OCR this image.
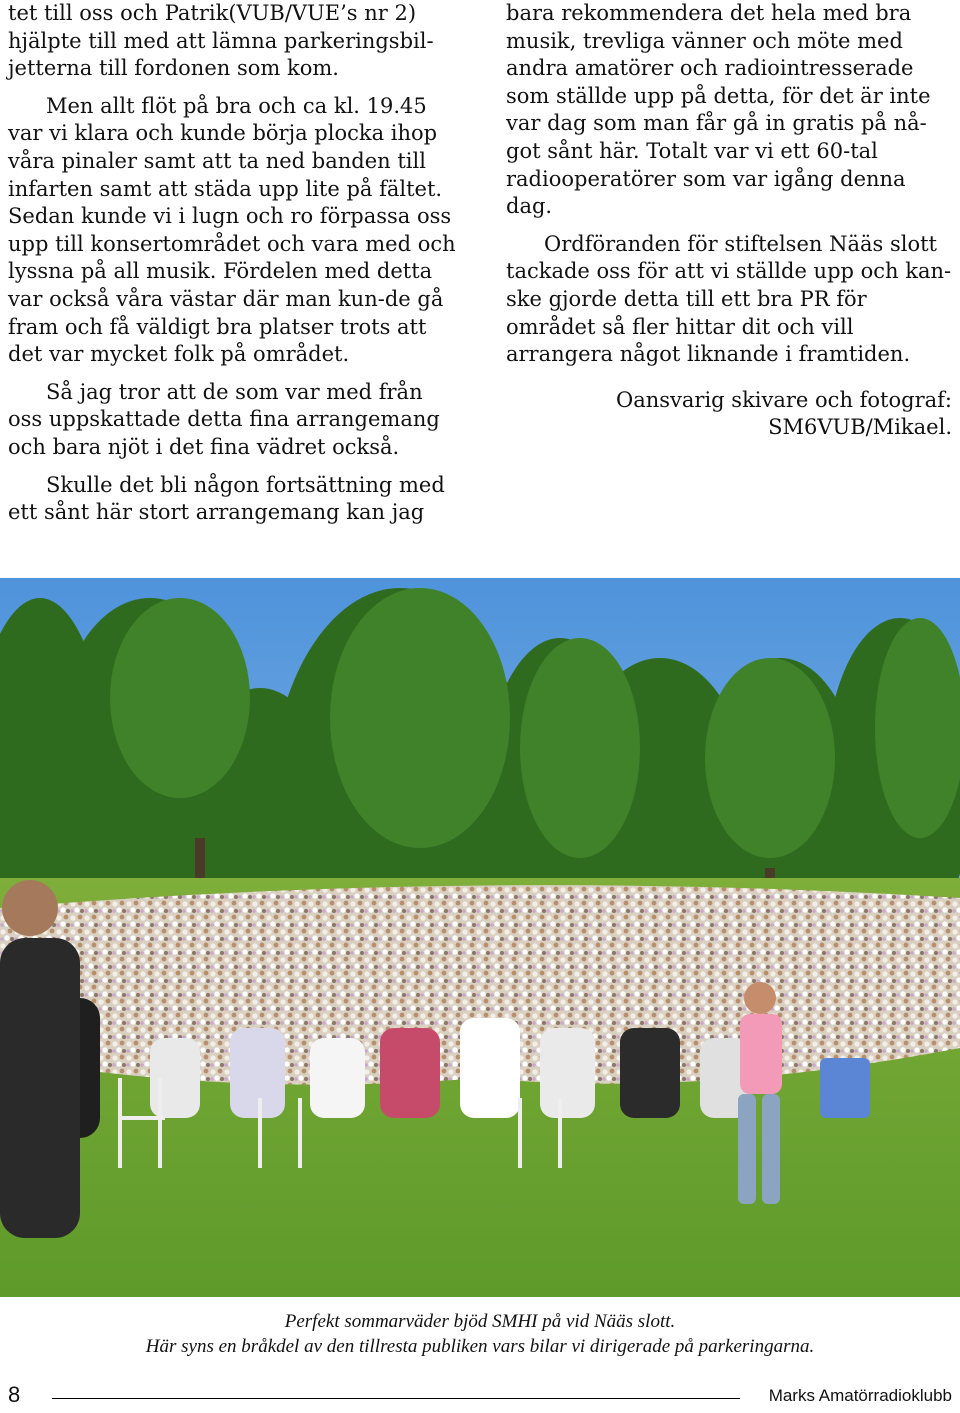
tet till oss och Patrik(VUB/VUE’s nr 2) hjälpte till med att lämna parkeringsbil-jetterna till fordonen som kom.

Men allt flöt på bra och ca kl. 19.45 var vi klara och kunde börja plocka ihop våra pinaler samt att ta ned banden till infarten samt att städa upp lite på fältet. Sedan kunde vi i lugn och ro förpassa oss upp till konsertområdet och vara med och lyssna på all musik. Fördelen med detta var också våra västar där man kun-de gå fram och få väldigt bra platser trots att det var mycket folk på området.

Så jag tror att de som var med från oss uppskattade detta fina arrangemang och bara njöt i det fina vädret också.

Skulle det bli någon fortsättning med ett sånt här stort arrangemang kan jag

bara rekommendera det hela med bra musik, trevliga vänner och möte med andra amatörer och radiointresserade som ställde upp på detta, för det är inte var dag som man får gå in gratis på nå-got sånt här. Totalt var vi ett 60-tal radiooperatörer som var igång denna dag.

Ordföranden för stiftelsen Nääs slott tackade oss för att vi ställde upp och kan-ske gjorde detta till ett bra PR för området så fler hittar dit och vill arrangera något liknande i framtiden.

Oansvarig skivare och fotograf:
SM6VUB/Mikael.

Perfekt sommarväder bjöd SMHI på vid Nääs slott.

Här syns en bråkdel av den tillresta publiken vars bilar vi dirigerade på parkeringarna.

8	Marks Amatörradioklubb
